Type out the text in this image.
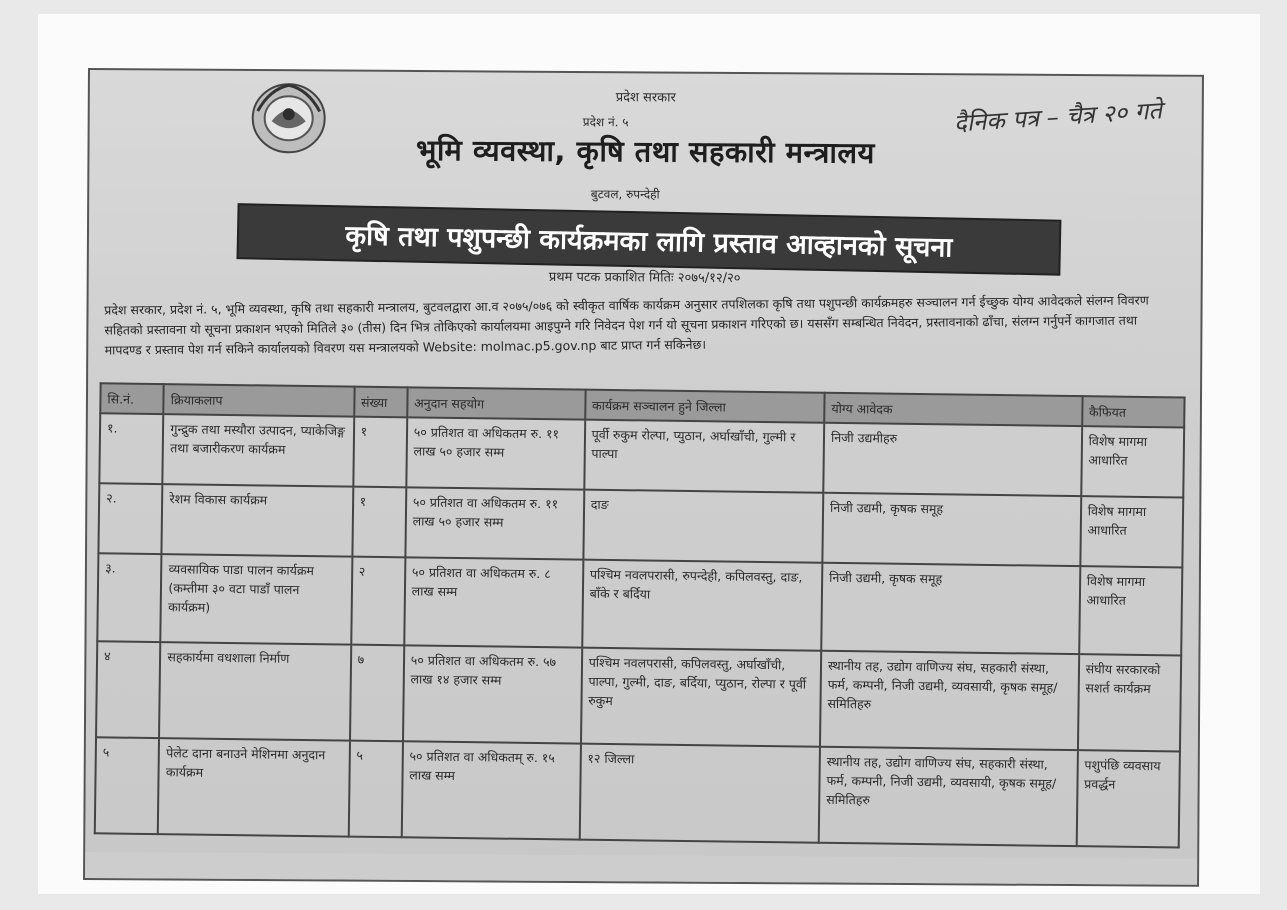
प्रदेश सरकार
प्रदेश नं. ५
भूमि व्यवस्था, कृषि तथा सहकारी मन्त्रालय
बुटवल, रुपन्देही
दैनिक पत्र – चैत्र २० गते
कृषि तथा पशुपन्छी कार्यक्रमका लागि प्रस्ताव आव्हानको सूचना
प्रथम पटक प्रकाशित मितिः २०७५/१२/२०
प्रदेश सरकार, प्रदेश नं. ५, भूमि व्यवस्था, कृषि तथा सहकारी मन्त्रालय, बुटवलद्वारा आ.व २०७५/०७६ को स्वीकृत वार्षिक कार्यक्रम अनुसार तपशिलका कृषि तथा पशुपन्छी कार्यक्रमहरु सञ्चालन गर्न ईच्छुक योग्य आवेदकले संलग्न विवरण सहितको प्रस्तावना यो सूचना प्रकाशन भएको मितिले ३० (तीस) दिन भित्र तोकिएको कार्यालयमा आइपुग्ने गरि निवेदन पेश गर्न यो सूचना प्रकाशन गरिएको छ। यससँग सम्बन्धित निवेदन, प्रस्तावनाको ढाँचा, संलग्न गर्नुपर्ने कागजात तथा मापदण्ड र प्रस्ताव पेश गर्न सकिने कार्यालयको विवरण यस मन्त्रालयको Website: molmac.p5.gov.np बाट प्राप्त गर्न सकिनेछ।
सि.नं.	क्रियाकलाप	संख्या	अनुदान सहयोग	कार्यक्रम सञ्चालन हुने जिल्ला	योग्य आवेदक	कैफियत
१.	गुन्द्रुक तथा मस्यौरा उत्पादन, प्याकेजिङ्ग तथा बजारीकरण कार्यक्रम	१	५० प्रतिशत वा अधिकतम रु. ११ लाख ५० हजार सम्म	पूर्वी रुकुम रोल्पा, प्युठान, अर्घाखाँची, गुल्मी र पाल्पा	निजी उद्यमीहरु	विशेष मागमा आधारित
२.	रेशम विकास कार्यक्रम	१	५० प्रतिशत वा अधिकतम रु. ११ लाख ५० हजार सम्म	दाङ	निजी उद्यमी, कृषक समूह	विशेष मागमा आधारित
३.	व्यवसायिक पाडा पालन कार्यक्रम (कम्तीमा ३० वटा पाडाँ पालन कार्यक्रम)	२	५० प्रतिशत वा अधिकतम रु. ८ लाख सम्म	पश्चिम नवलपरासी, रुपन्देही, कपिलवस्तु, दाङ, बाँके र बर्दिया	निजी उद्यमी, कृषक समूह	विशेष मागमा आधारित
४	सहकार्यमा वधशाला निर्माण	७	५० प्रतिशत वा अधिकतम रु. ५७ लाख १४ हजार सम्म	पश्चिम नवलपरासी, कपिलवस्तु, अर्घाखाँची, पाल्पा, गुल्मी, दाङ, बर्दिया, प्युठान, रोल्पा र पूर्वी रुकुम	स्थानीय तह, उद्योग वाणिज्य संघ, सहकारी संस्था, फर्म, कम्पनी, निजी उद्यमी, व्यवसायी, कृषक समूह/समितिहरु	संघीय सरकारको सशर्त कार्यक्रम
५	पेलेट दाना बनाउने मेशिनमा अनुदान कार्यक्रम	५	५० प्रतिशत वा अधिकतम् रु. १५ लाख सम्म	१२ जिल्ला	स्थानीय तह, उद्योग वाणिज्य संघ, सहकारी संस्था, फर्म, कम्पनी, निजी उद्यमी, व्यवसायी, कृषक समूह/समितिहरु	पशुपंछि व्यवसाय प्रवर्द्धन
